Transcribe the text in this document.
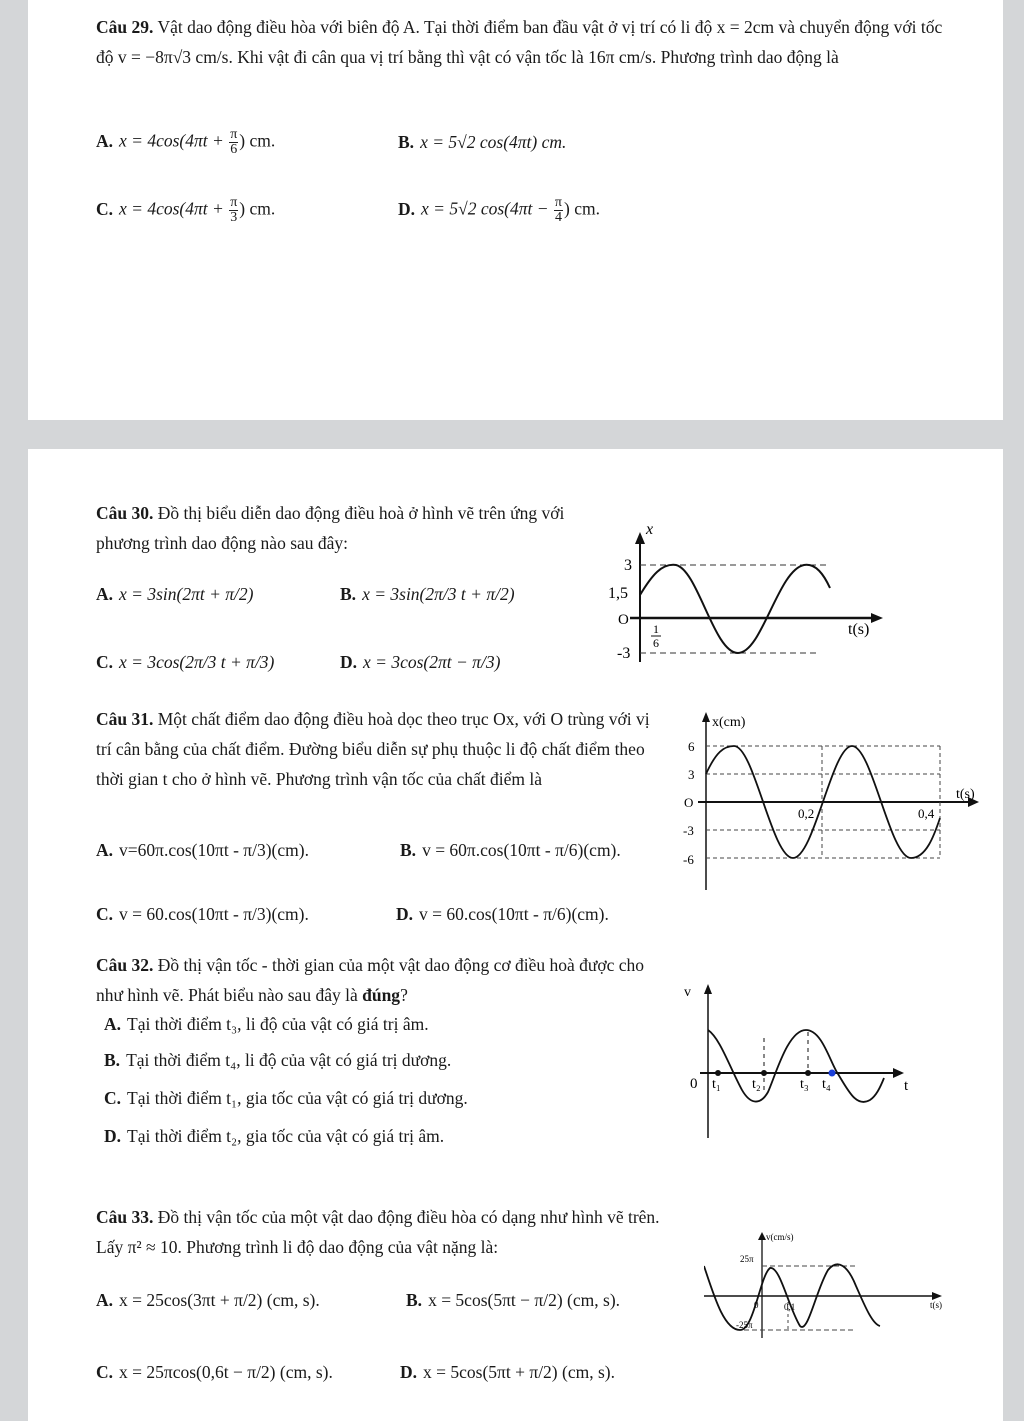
Câu 29. Vật dao động điều hòa với biên độ A. Tại thời điểm ban đầu vật ở vị trí có li độ x = 2cm và chuyển động với tốc độ v = −8π√3 cm/s. Khi vật đi cân qua vị trí bằng thì vật có vận tốc là 16π cm/s. Phương trình dao động là
A. $x = 4\cos(4\pi t + \frac{\pi}{6}$ ) cm.	B. x = 5√2 cos(4πt) cm.
C. $x = 4\cos(4\pi t + \frac{\pi}{3}$ ) cm.	D. x = 5√2 $\cos(4\pi t - \frac{\pi}{4}$ ) cm.
Câu 30. Đồ thị biểu diễn dao động điều hoà ở hình vẽ trên ứng với phương trình dao động nào sau đây:
A. x = 3sin(2πt + π/2)	B. x = 3sin(2π/3 t + π/2)
C. x = 3cos(2π/3 t + π/3)	D. x = 3cos(2πt − π/3)
x
3
1,5
O
-3
1
6
t(s)
Câu 31. Một chất điểm dao động điều hoà dọc theo trục Ox, với O trùng với vị trí cân bằng của chất điểm. Đường biểu diễn sự phụ thuộc li độ chất điểm theo thời gian t cho ở hình vẽ. Phương trình vận tốc của chất điểm là
A. v=60π.cos(10πt - π/3)(cm).	B. v = 60π.cos(10πt - π/6)(cm).
C. v = 60.cos(10πt - π/3)(cm).	D. v = 60.cos(10πt - π/6)(cm).
x(cm)
6
3
O
-3
-6
0,2	0,4
t(s)
Câu 32. Đồ thị vận tốc - thời gian của một vật dao động cơ điều hoà được cho như hình vẽ. Phát biểu nào sau đây là đúng?
A. Tại thời điểm t₃, li độ của vật có giá trị âm.
B. Tại thời điểm t₄, li độ của vật có giá trị dương.
C. Tại thời điểm t₁, gia tốc của vật có giá trị dương.
D. Tại thời điểm t₂, gia tốc của vật có giá trị âm.
v
0 t₁ t₂	t₃ t₄	t
Câu 33. Đồ thị vận tốc của một vật dao động điều hòa có dạng như hình vẽ trên. Lấy π² ≈ 10. Phương trình li độ dao động của vật nặng là:
A. x = 25cos(3πt + π/2) (cm, s).	B. x = 5cos(5πt − π/2) (cm, s).
C. x = 25πcos(0,6t − π/2) (cm, s).	D. x = 5cos(5πt + π/2) (cm, s).
v(cm/s)
25π
0	0,1
-25π
t(s)
